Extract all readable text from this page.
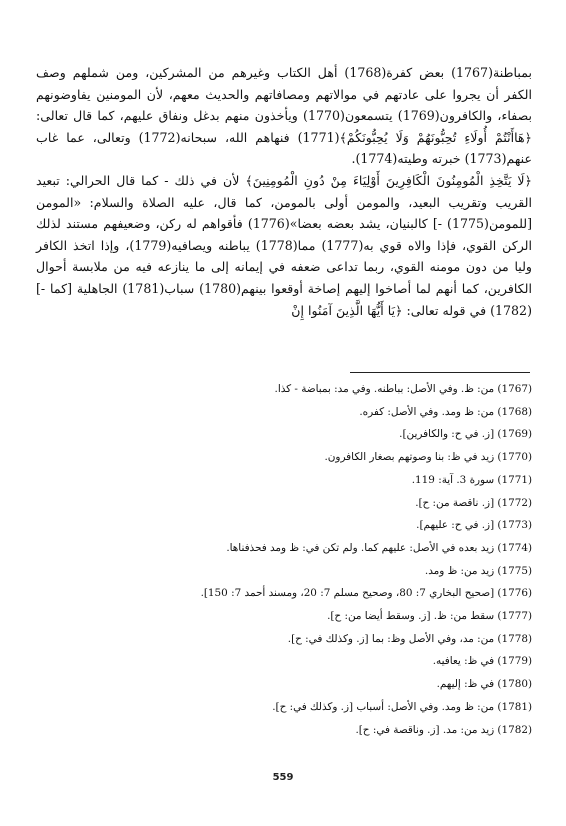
بمباطنة(1767) بعض كفرة(1768) أهل الكتاب وغيرهم من المشركين، ومن شملهم وصف الكفر أن يجروا على عادتهم في موالاتهم ومصافاتهم والحديث معهم، لأن المومنين يفاوضونهم بصفاء، والكافرون(1769) يتسمعون(1770) ويأخذون منهم بدغل ونفاق عليهم، كما قال تعالى: ﴿هَاأَنْتُمْ أُولَاءِ تُحِبُّونَهُمْ وَلَا يُحِبُّونَكُمْ﴾(1771) فنهاهم الله، سبحانه(1772) وتعالى، عما غاب عنهم(1773) خبرته وطيته(1774).

﴿لَا يَتَّخِذِ الْمُومِنُونَ الْكَافِرِينَ أَوْلِيَاءَ مِنْ دُونِ الْمُومِنِينَ﴾ لأن في ذلك - كما قال الحرالي: تبعيد القريب وتقريب البعيد، والمومن أولى بالمومن، كما قال، عليه الصلاة والسلام: «المومن [للمومن(1775) -] كالبنيان، يشد بعضه بعضا»(1776) فأقواهم له ركن، وضعيفهم مستند لذلك الركن القوي، فإذا والاه قوي به(1777) مما(1778) يباطنه ويصافيه(1779)، وإذا اتخذ الكافر وليا من دون مومنه القوي، ربما تداعى ضعفه في إيمانه إلى ما ينازعه فيه من ملابسة أحوال الكافرين، كما أنهم لما أصاخوا إليهم إصاخة أوقعوا بينهم(1780) سباب(1781) الجاهلية [كما -](1782) في قوله تعالى: ﴿يَا أَيُّهَا الَّذِينَ آمَنُوا إِنْ

(1767) من: ظ. وفي الأصل: بباطنه. وفي مد: بمباضة - كذا.
(1768) من: ظ ومد. وفي الأصل: كفره.
(1769) [ز. في ح: والكافرين].
(1770) زيد في ظ: بنا وصوتهم بصغار الكافرون.
(1771) سورة 3. آية: 119.
(1772) [ز. ناقصة من: ح].
(1773) [ز. في ح: عليهم].
(1774) زيد بعده في الأصل: عليهم كما. ولم تكن في: ظ ومد فحذفناها.
(1775) زيد من: ظ ومد.
(1776) [صحيح البخاري 7: 80، وصحيح مسلم 7: 20، ومسند أحمد 7: 150].
(1777) سقط من: ظ. [ز. وسقط أيضا من: ح].
(1778) من: مد، وفي الأصل وظ: بما [ز. وكذلك في: ح].
(1779) في ظ: يعافيه.
(1780) في ظ: إليهم.
(1781) من: ظ ومد. وفي الأصل: أسباب [ز. وكذلك في: ح].
(1782) زيد من: مد. [ز. وناقصة في: ح].
559
